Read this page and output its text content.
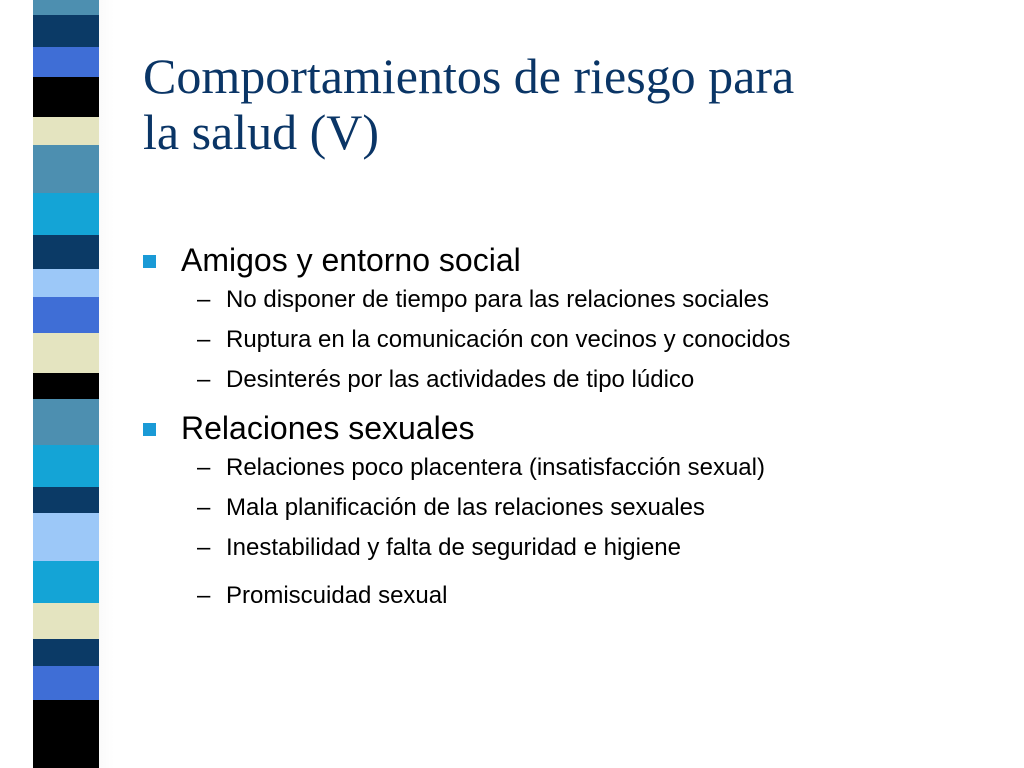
Comportamientos de riesgo para
la salud (V)
Amigos y entorno social
– No disponer de tiempo para las relaciones sociales
– Ruptura en la comunicación con vecinos y conocidos
– Desinterés por las actividades de tipo lúdico
Relaciones sexuales
– Relaciones poco placentera (insatisfacción sexual)
– Mala planificación de las relaciones sexuales
– Inestabilidad y falta de seguridad e higiene
– Promiscuidad sexual
